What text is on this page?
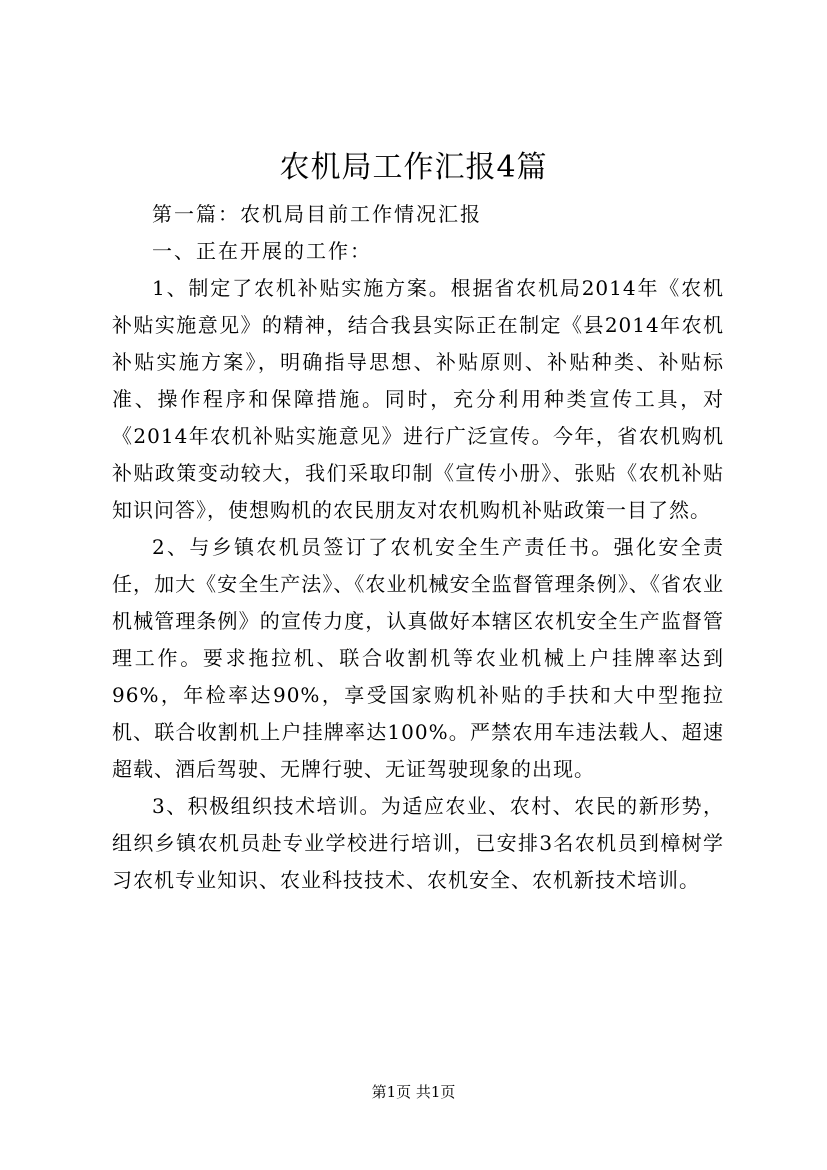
农机局工作汇报4篇

第一篇：农机局目前工作情况汇报

一、正在开展的工作：

1、制定了农机补贴实施方案。根据省农机局2014年《农机补贴实施意见》的精神，结合我县实际正在制定《县2014年农机补贴实施方案》，明确指导思想、补贴原则、补贴种类、补贴标准、操作程序和保障措施。同时，充分利用种类宣传工具，对《2014年农机补贴实施意见》进行广泛宣传。今年，省农机购机补贴政策变动较大，我们采取印制《宣传小册》、张贴《农机补贴知识问答》，使想购机的农民朋友对农机购机补贴政策一目了然。

2、与乡镇农机员签订了农机安全生产责任书。强化安全责任，加大《安全生产法》、《农业机械安全监督管理条例》、《省农业机械管理条例》的宣传力度，认真做好本辖区农机安全生产监督管理工作。要求拖拉机、联合收割机等农业机械上户挂牌率达到96%，年检率达90%，享受国家购机补贴的手扶和大中型拖拉机、联合收割机上户挂牌率达100%。严禁农用车违法载人、超速超载、酒后驾驶、无牌行驶、无证驾驶现象的出现。

3、积极组织技术培训。为适应农业、农村、农民的新形势，组织乡镇农机员赴专业学校进行培训，已安排3名农机员到樟树学习农机专业知识、农业科技技术、农机安全、农机新技术培训。

第1页 共1页
